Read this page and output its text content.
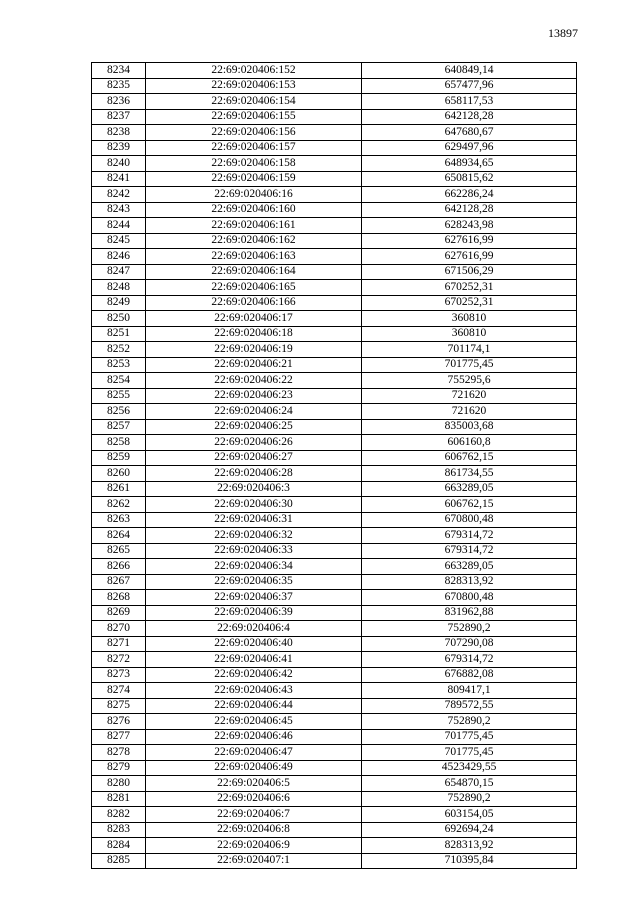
13897
8234	22:69:020406:152	640849,14
8235	22:69:020406:153	657477,96
8236	22:69:020406:154	658117,53
8237	22:69:020406:155	642128,28
8238	22:69:020406:156	647680,67
8239	22:69:020406:157	629497,96
8240	22:69:020406:158	648934,65
8241	22:69:020406:159	650815,62
8242	22:69:020406:16	662286,24
8243	22:69:020406:160	642128,28
8244	22:69:020406:161	628243,98
8245	22:69:020406:162	627616,99
8246	22:69:020406:163	627616,99
8247	22:69:020406:164	671506,29
8248	22:69:020406:165	670252,31
8249	22:69:020406:166	670252,31
8250	22:69:020406:17	360810
8251	22:69:020406:18	360810
8252	22:69:020406:19	701174,1
8253	22:69:020406:21	701775,45
8254	22:69:020406:22	755295,6
8255	22:69:020406:23	721620
8256	22:69:020406:24	721620
8257	22:69:020406:25	835003,68
8258	22:69:020406:26	606160,8
8259	22:69:020406:27	606762,15
8260	22:69:020406:28	861734,55
8261	22:69:020406:3	663289,05
8262	22:69:020406:30	606762,15
8263	22:69:020406:31	670800,48
8264	22:69:020406:32	679314,72
8265	22:69:020406:33	679314,72
8266	22:69:020406:34	663289,05
8267	22:69:020406:35	828313,92
8268	22:69:020406:37	670800,48
8269	22:69:020406:39	831962,88
8270	22:69:020406:4	752890,2
8271	22:69:020406:40	707290,08
8272	22:69:020406:41	679314,72
8273	22:69:020406:42	676882,08
8274	22:69:020406:43	809417,1
8275	22:69:020406:44	789572,55
8276	22:69:020406:45	752890,2
8277	22:69:020406:46	701775,45
8278	22:69:020406:47	701775,45
8279	22:69:020406:49	4523429,55
8280	22:69:020406:5	654870,15
8281	22:69:020406:6	752890,2
8282	22:69:020406:7	603154,05
8283	22:69:020406:8	692694,24
8284	22:69:020406:9	828313,92
8285	22:69:020407:1	710395,84
